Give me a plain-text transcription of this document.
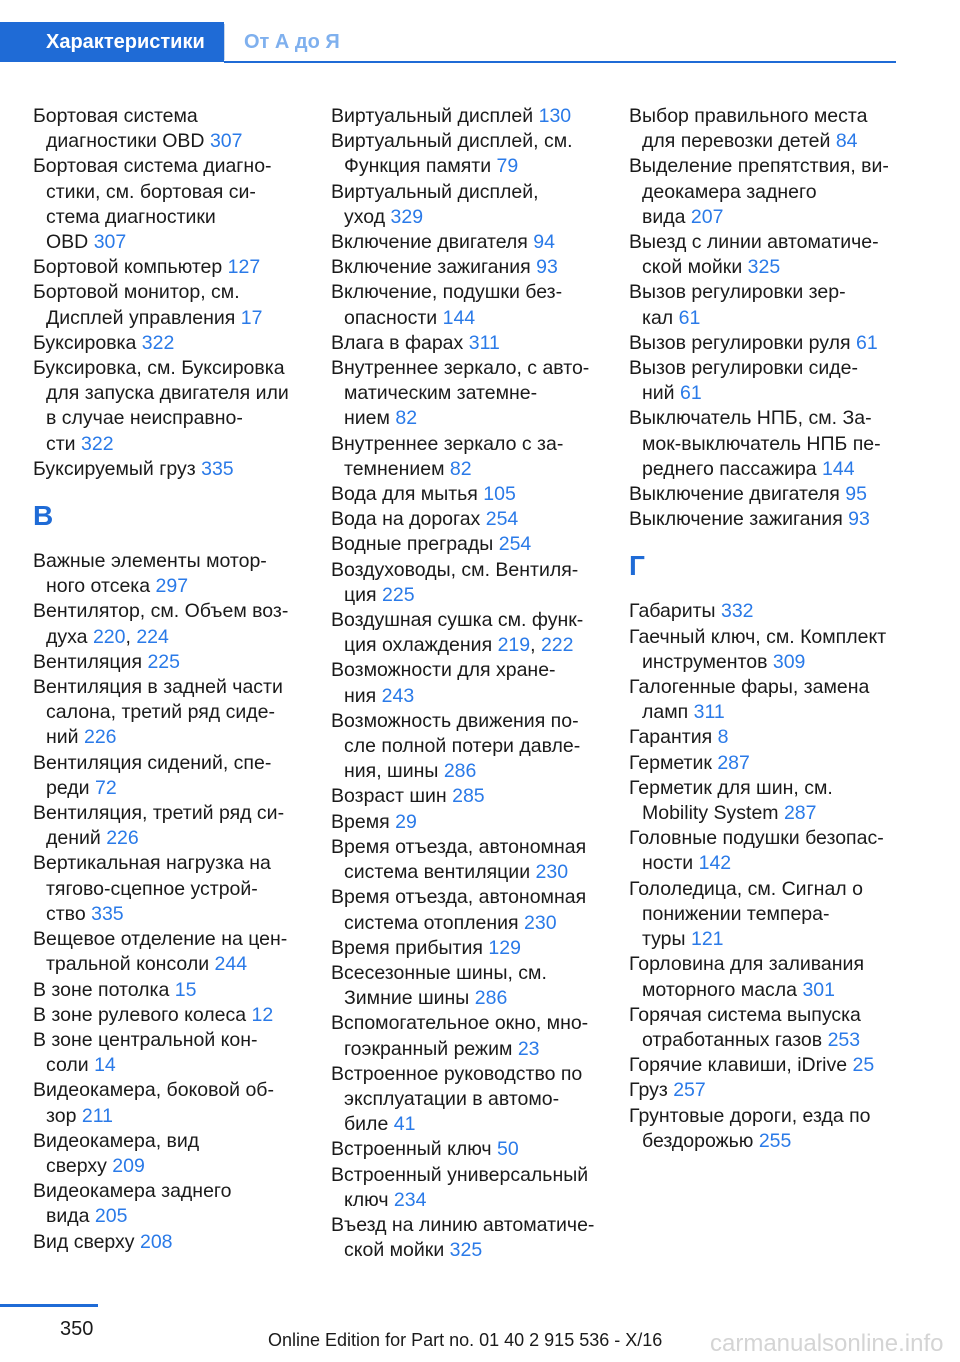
Характеристики	От А до Я

Бортовая система
диагностики OBD 307

Бортовая система диагно-
стики, см. бортовая си-
стема диагностики
OBD 307

Бортовой компьютер 127

Бортовой монитор, см.
Дисплей управления 17

Буксировка 322

Буксировка, см. Буксировка
для запуска двигателя или
в случае неисправно-
сти 322

Буксируемый груз 335

В

Важные элементы мотор-
ного отсека 297

Вентилятор, см. Объем воз-
духа 220, 224

Вентиляция 225

Вентиляция в задней части
салона, третий ряд сиде-
ний 226

Вентиляция сидений, спе-
реди 72

Вентиляция, третий ряд си-
дений 226

Вертикальная нагрузка на
тягово-сцепное устрой-
ство 335

Вещевое отделение на цен-
тральной консоли 244

В зоне потолка 15

В зоне рулевого колеса 12

В зоне центральной кон-
соли 14

Видеокамера, боковой об-
зор 211

Видеокамера, вид
сверху 209

Видеокамера заднего
вида 205

Вид сверху 208

Виртуальный дисплей 130

Виртуальный дисплей, см.
Функция памяти 79

Виртуальный дисплей,
уход 329

Включение двигателя 94

Включение зажигания 93

Включение, подушки без-
опасности 144

Влага в фарах 311

Внутреннее зеркало, с авто-
матическим затемне-
нием 82

Внутреннее зеркало с за-
темнением 82

Вода для мытья 105

Вода на дорогах 254

Водные преграды 254

Воздуховоды, см. Вентиля-
ция 225

Воздушная сушка см. функ-
ция охлаждения 219, 222

Возможности для хране-
ния 243

Возможность движения по-
сле полной потери давле-
ния, шины 286

Возраст шин 285

Время 29

Время отъезда, автономная
система вентиляции 230

Время отъезда, автономная
система отопления 230

Время прибытия 129

Всесезонные шины, см.
Зимние шины 286

Вспомогательное окно, мно-
гоэкранный режим 23

Встроенное руководство по
эксплуатации в автомо-
биле 41

Встроенный ключ 50

Встроенный универсальный
ключ 234

Въезд на линию автоматиче-
ской мойки 325

Выбор правильного места
для перевозки детей 84

Выделение препятствия, ви-
деокамера заднего
вида 207

Выезд с линии автоматиче-
ской мойки 325

Вызов регулировки зер-
кал 61

Вызов регулировки руля 61

Вызов регулировки сиде-
ний 61

Выключатель НПБ, см. За-
мок-выключатель НПБ пе-
реднего пассажира 144

Выключение двигателя 95

Выключение зажигания 93

Г

Габариты 332

Гаечный ключ, см. Комплект
инструментов 309

Галогенные фары, замена
ламп 311

Гарантия 8

Герметик 287

Герметик для шин, см.
Mobility System 287

Головные подушки безопас-
ности 142

Гололедица, см. Сигнал о
понижении темпера-
туры 121

Горловина для заливания
моторного масла 301

Горячая система выпуска
отработанных газов 253

Горячие клавиши, iDrive 25

Груз 257

Грунтовые дороги, езда по
бездорожью 255

350	Online Edition for Part no. 01 40 2 915 536 - X/16 carmanualsonline.info
